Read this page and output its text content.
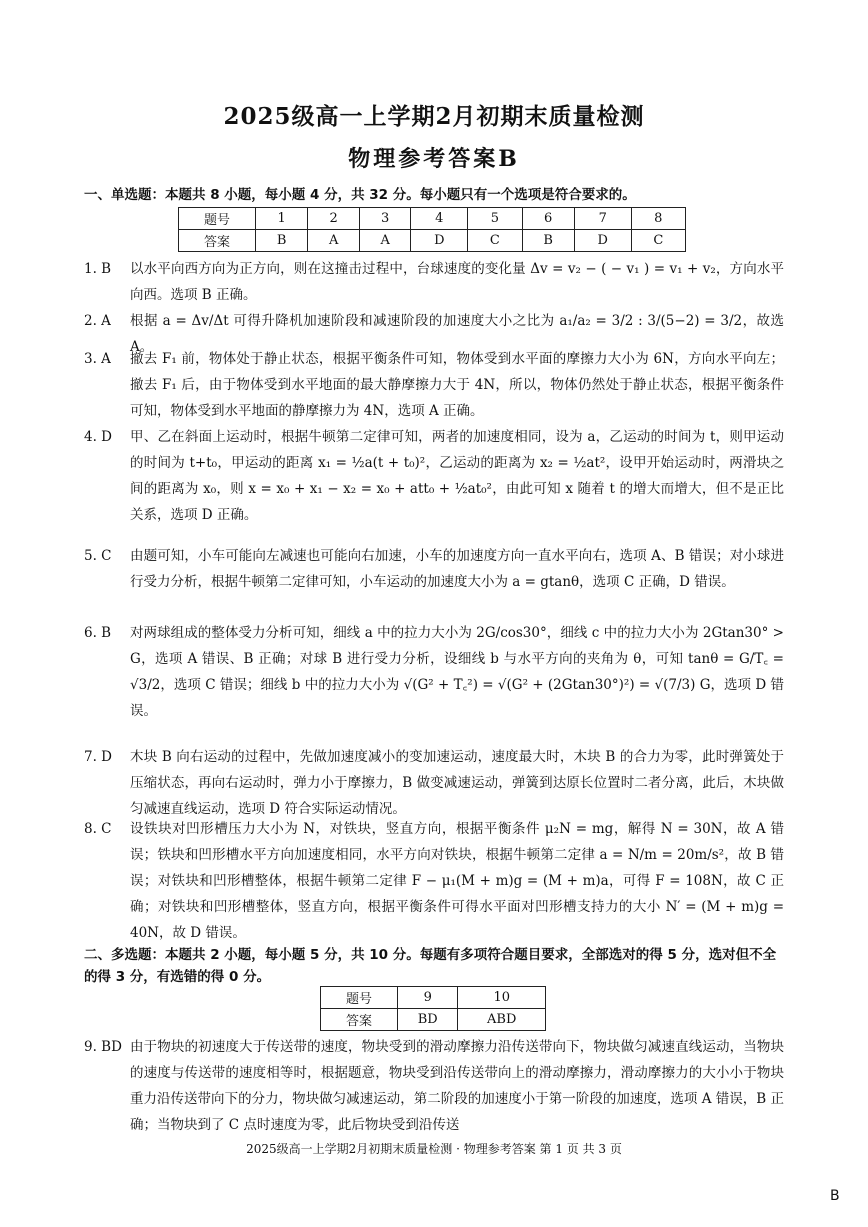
2025级高一上学期2月初期末质量检测
物理参考答案B
一、单选题：本题共 8 小题，每小题 4 分，共 32 分。每小题只有一个选项是符合要求的。
题号	1	2	3	4	5	6	7	8
答案	B	A	A	D	C	B	D	C
1. B	以水平向西方向为正方向，则在这撞击过程中，台球速度的变化量 Δv = v₂ − ( − v₁ ) = v₁ + v₂，方向水平向西。选项 B 正确。
2. A	根据 a = Δv/Δt 可得升降机加速阶段和减速阶段的加速度大小之比为 a₁/a₂ = 3/2 : 3/(5−2) = 3/2，故选 A。
3. A	撤去 F₁ 前，物体处于静止状态，根据平衡条件可知，物体受到水平面的摩擦力大小为 6N，方向水平向左；撤去 F₁ 后，由于物体受到水平地面的最大静摩擦力大于 4N，所以，物体仍然处于静止状态，根据平衡条件可知，物体受到水平地面的静摩擦力为 4N，选项 A 正确。
4. D	甲、乙在斜面上运动时，根据牛顿第二定律可知，两者的加速度相同，设为 a，乙运动的时间为 t，则甲运动的时间为 t+t₀，甲运动的距离 x₁ = ½a(t + t₀)²，乙运动的距离为 x₂ = ½at²，设甲开始运动时，两滑块之间的距离为 x₀，则 x = x₀ + x₁ − x₂ = x₀ + att₀ + ½at₀²，由此可知 x 随着 t 的增大而增大，但不是正比关系，选项 D 正确。
5. C	由题可知，小车可能向左减速也可能向右加速，小车的加速度方向一直水平向右，选项 A、B 错误；对小球进行受力分析，根据牛顿第二定律可知，小车运动的加速度大小为 a = gtanθ，选项 C 正确，D 错误。
6. B	对两球组成的整体受力分析可知，细线 a 中的拉力大小为 2G/cos30°，细线 c 中的拉力大小为 2Gtan30° > G，选项 A 错误、B 正确；对球 B 进行受力分析，设细线 b 与水平方向的夹角为 θ，可知 tanθ = G/T꜀ = √3/2，选项 C 错误；细线 b 中的拉力大小为 √(G² + T꜀²) = √(G² + (2Gtan30°)²) = √(7/3) G，选项 D 错误。
7. D	木块 B 向右运动的过程中，先做加速度减小的变加速运动，速度最大时，木块 B 的合力为零，此时弹簧处于压缩状态，再向右运动时，弹力小于摩擦力，B 做变减速运动，弹簧到达原长位置时二者分离，此后，木块做匀减速直线运动，选项 D 符合实际运动情况。
8. C	设铁块对凹形槽压力大小为 N，对铁块，竖直方向，根据平衡条件 μ₂N = mg，解得 N = 30N，故 A 错误；铁块和凹形槽水平方向加速度相同，水平方向对铁块，根据牛顿第二定律 a = N/m = 20m/s²，故 B 错误；对铁块和凹形槽整体，根据牛顿第二定律 F − μ₁(M + m)g = (M + m)a，可得 F = 108N，故 C 正确；对铁块和凹形槽整体，竖直方向，根据平衡条件可得水平面对凹形槽支持力的大小 N′ = (M + m)g = 40N，故 D 错误。
二、多选题：本题共 2 小题，每小题 5 分，共 10 分。每题有多项符合题目要求，全部选对的得 5 分，选对但不全的得 3 分，有选错的得 0 分。
题号	9	10
答案	BD	ABD
9. BD 由于物块的初速度大于传送带的速度，物块受到的滑动摩擦力沿传送带向下，物块做匀减速直线运动，当物块的速度与传送带的速度相等时，根据题意，物块受到沿传送带向上的滑动摩擦力，滑动摩擦力的大小小于物块重力沿传送带向下的分力，物块做匀减速运动，第二阶段的加速度小于第一阶段的加速度，选项 A 错误，B 正确；当物块到了 C 点时速度为零，此后物块受到沿传送
2025级高一上学期2月初期末质量检测 · 物理参考答案 第 1 页 共 3 页
B
